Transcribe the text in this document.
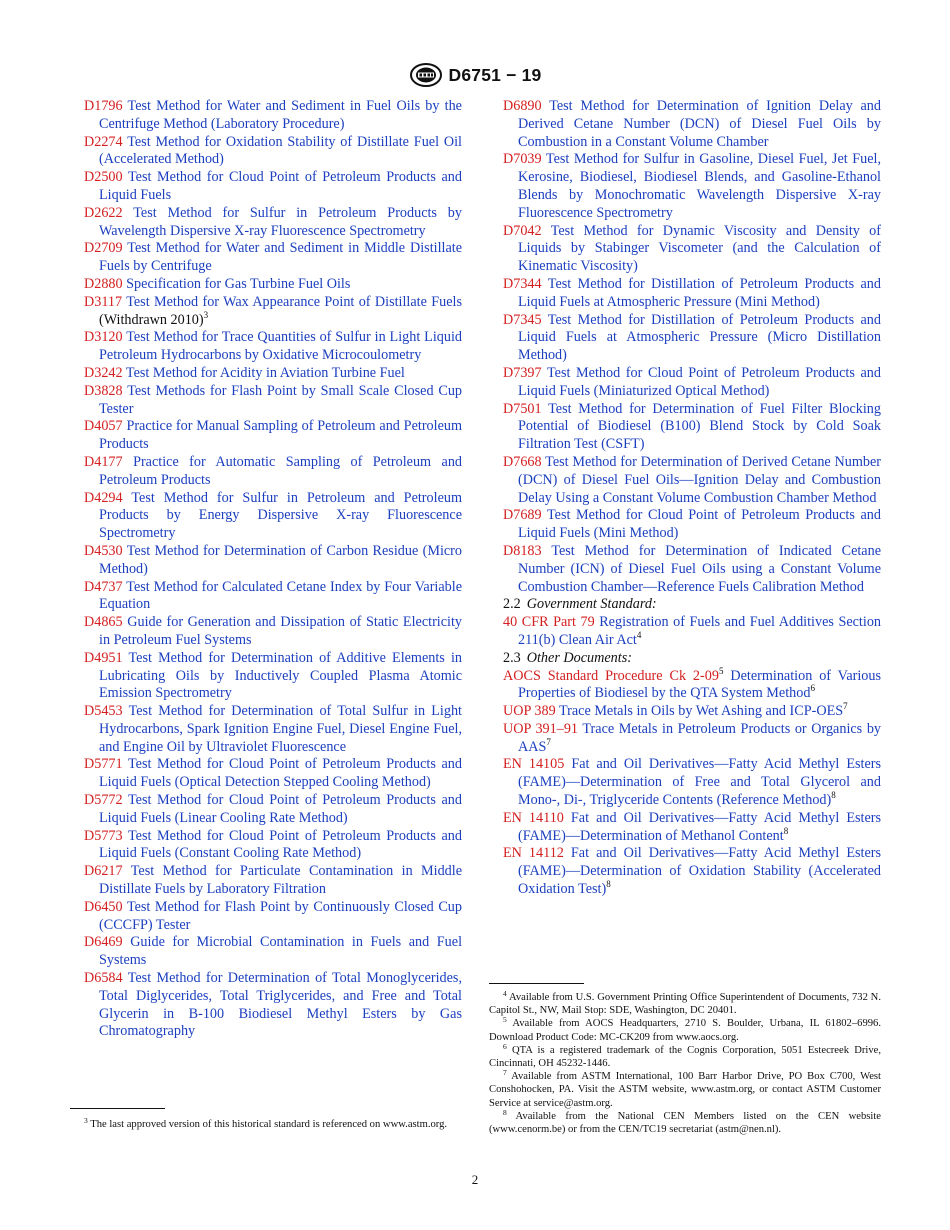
D6751 − 19

D1796 Test Method for Water and Sediment in Fuel Oils by the Centrifuge Method (Laboratory Procedure)

D2274 Test Method for Oxidation Stability of Distillate Fuel Oil (Accelerated Method)

D2500 Test Method for Cloud Point of Petroleum Products and Liquid Fuels

D2622 Test Method for Sulfur in Petroleum Products by Wavelength Dispersive X-ray Fluorescence Spectrometry

D2709 Test Method for Water and Sediment in Middle Distillate Fuels by Centrifuge

D2880 Specification for Gas Turbine Fuel Oils

D3117 Test Method for Wax Appearance Point of Distillate Fuels (Withdrawn 2010)$^3$

D3120 Test Method for Trace Quantities of Sulfur in Light Liquid Petroleum Hydrocarbons by Oxidative Microcoulometry

D3242 Test Method for Acidity in Aviation Turbine Fuel

D3828 Test Methods for Flash Point by Small Scale Closed Cup Tester

D4057 Practice for Manual Sampling of Petroleum and Petroleum Products

D4177 Practice for Automatic Sampling of Petroleum and Petroleum Products

D4294 Test Method for Sulfur in Petroleum and Petroleum Products by Energy Dispersive X-ray Fluorescence Spectrometry

D4530 Test Method for Determination of Carbon Residue (Micro Method)

D4737 Test Method for Calculated Cetane Index by Four Variable Equation

D4865 Guide for Generation and Dissipation of Static Electricity in Petroleum Fuel Systems

D4951 Test Method for Determination of Additive Elements in Lubricating Oils by Inductively Coupled Plasma Atomic Emission Spectrometry

D5453 Test Method for Determination of Total Sulfur in Light Hydrocarbons, Spark Ignition Engine Fuel, Diesel Engine Fuel, and Engine Oil by Ultraviolet Fluorescence

D5771 Test Method for Cloud Point of Petroleum Products and Liquid Fuels (Optical Detection Stepped Cooling Method)

D5772 Test Method for Cloud Point of Petroleum Products and Liquid Fuels (Linear Cooling Rate Method)

D5773 Test Method for Cloud Point of Petroleum Products and Liquid Fuels (Constant Cooling Rate Method)

D6217 Test Method for Particulate Contamination in Middle Distillate Fuels by Laboratory Filtration

D6450 Test Method for Flash Point by Continuously Closed Cup (CCCFP) Tester

D6469 Guide for Microbial Contamination in Fuels and Fuel Systems

D6584 Test Method for Determination of Total Monoglycerides, Total Diglycerides, Total Triglycerides, and Free and Total Glycerin in B-100 Biodiesel Methyl Esters by Gas Chromatography

D6890 Test Method for Determination of Ignition Delay and Derived Cetane Number (DCN) of Diesel Fuel Oils by Combustion in a Constant Volume Chamber

D7039 Test Method for Sulfur in Gasoline, Diesel Fuel, Jet Fuel, Kerosine, Biodiesel, Biodiesel Blends, and Gasoline-Ethanol Blends by Monochromatic Wavelength Dispersive X-ray Fluorescence Spectrometry

D7042 Test Method for Dynamic Viscosity and Density of Liquids by Stabinger Viscometer (and the Calculation of Kinematic Viscosity)

D7344 Test Method for Distillation of Petroleum Products and Liquid Fuels at Atmospheric Pressure (Mini Method)

D7345 Test Method for Distillation of Petroleum Products and Liquid Fuels at Atmospheric Pressure (Micro Distillation Method)

D7397 Test Method for Cloud Point of Petroleum Products and Liquid Fuels (Miniaturized Optical Method)

D7501 Test Method for Determination of Fuel Filter Blocking Potential of Biodiesel (B100) Blend Stock by Cold Soak Filtration Test (CSFT)

D7668 Test Method for Determination of Derived Cetane Number (DCN) of Diesel Fuel Oils—Ignition Delay and Combustion Delay Using a Constant Volume Combustion Chamber Method

D7689 Test Method for Cloud Point of Petroleum Products and Liquid Fuels (Mini Method)

D8183 Test Method for Determination of Indicated Cetane Number (ICN) of Diesel Fuel Oils using a Constant Volume Combustion Chamber—Reference Fuels Calibration Method

2.2 Government Standard:

40 CFR Part 79 Registration of Fuels and Fuel Additives Section 211(b) Clean Air Act$^4$

2.3 Other Documents:

AOCS Standard Procedure Ck $2-09^5$ Determination of Various Properties of Biodiesel by the QTA System Method$^6$

UOP 389 Trace Metals in Oils by Wet Ashing and ICP-OES$^7$

UOP 391–91 Trace Metals in Petroleum Products or Organics by AAS$^7$

EN 14105 Fat and Oil Derivatives—Fatty Acid Methyl Esters (FAME)—Determination of Free and Total Glycerol and Mono-, Di-, Triglyceride Contents (Reference Method)$^8$

EN 14110 Fat and Oil Derivatives—Fatty Acid Methyl Esters (FAME)—Determination of Methanol Content$^8$

EN 14112 Fat and Oil Derivatives—Fatty Acid Methyl Esters (FAME)—Determination of Oxidation Stability (Accelerated Oxidation Test)$^8$

$^3$ The last approved version of this historical standard is referenced on www.astm.org.

$^4$ Available from U.S. Government Printing Office Superintendent of Documents, 732 N. Capitol St., NW, Mail Stop: SDE, Washington, DC 20401.

$^5$ Available from AOCS Headquarters, 2710 S. Boulder, Urbana, IL 61802–6996. Download Product Code: MC-CK209 from www.aocs.org.

$^6$ QTA is a registered trademark of the Cognis Corporation, 5051 Estecreek Drive, Cincinnati, OH 45232-1446.

$^7$ Available from ASTM International, 100 Barr Harbor Drive, PO Box C700, West Conshohocken, PA. Visit the ASTM website, www.astm.org, or contact ASTM Customer Service at service@astm.org.

$^8$ Available from the National CEN Members listed on the CEN website (www.cenorm.be) or from the CEN/TC19 secretariat (astm@nen.nl).

2
